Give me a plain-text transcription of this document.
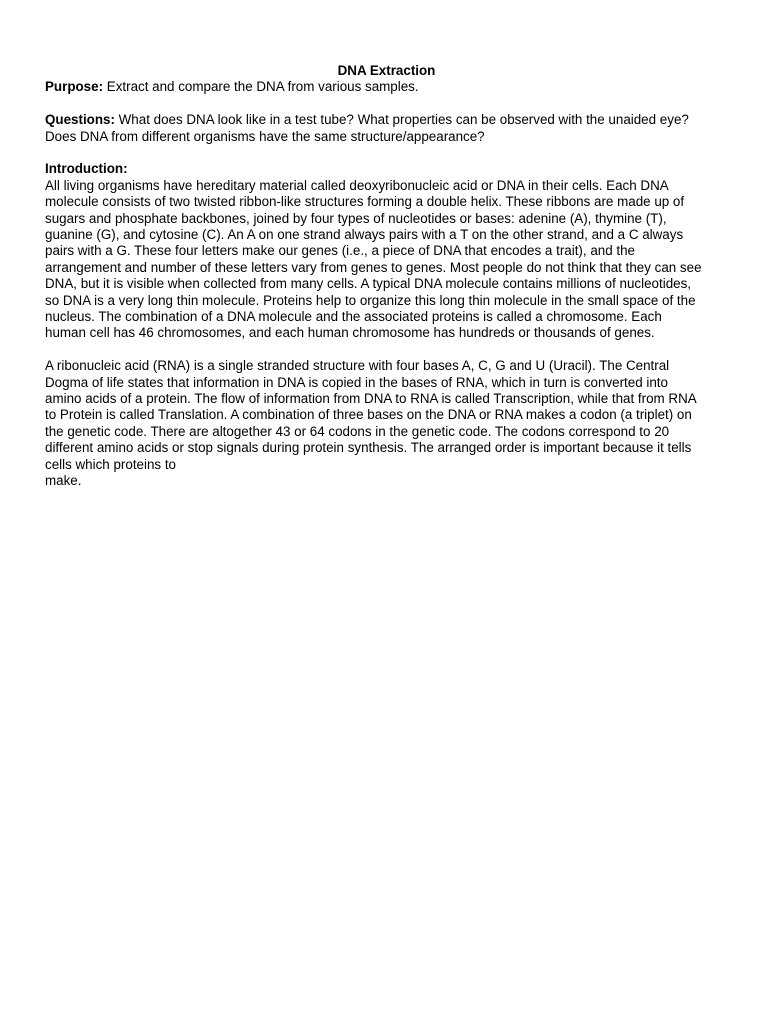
DNA Extraction

Purpose: Extract and compare the DNA from various samples.

Questions: What does DNA look like in a test tube? What properties can be observed with the unaided eye?
Does DNA from different organisms have the same structure/appearance?

Introduction:

All living organisms have hereditary material called deoxyribonucleic acid or DNA in their cells. Each DNA
molecule consists of two twisted ribbon-like structures forming a double helix. These ribbons are made up of
sugars and phosphate backbones, joined by four types of nucleotides or bases: adenine (A), thymine (T),
guanine (G), and cytosine (C). An A on one strand always pairs with a T on the other strand, and a C always
pairs with a G. These four letters make our genes (i.e., a piece of DNA that encodes a trait), and the
arrangement and number of these letters vary from genes to genes. Most people do not think that they can see
DNA, but it is visible when collected from many cells. A typical DNA molecule contains millions of nucleotides,
so DNA is a very long thin molecule. Proteins help to organize this long thin molecule in the small space of the
nucleus. The combination of a DNA molecule and the associated proteins is called a chromosome. Each
human cell has 46 chromosomes, and each human chromosome has hundreds or thousands of genes.

A ribonucleic acid (RNA) is a single stranded structure with four bases A, C, G and U (Uracil). The Central
Dogma of life states that information in DNA is copied in the bases of RNA, which in turn is converted into
amino acids of a protein. The flow of information from DNA to RNA is called Transcription, while that from RNA
to Protein is called Translation. A combination of three bases on the DNA or RNA makes a codon (a triplet) on
the genetic code. There are altogether 43 or 64 codons in the genetic code. The codons correspond to 20
different amino acids or stop signals during protein synthesis. The arranged order is important because it tells
cells which proteins to
make.
